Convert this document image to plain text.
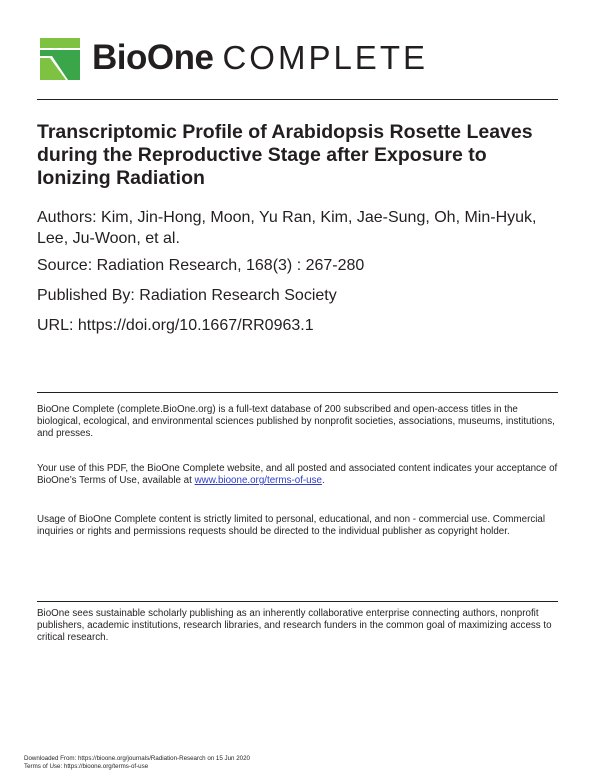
BioOne COMPLETE
Transcriptomic Profile of Arabidopsis Rosette Leaves during the Reproductive Stage after Exposure to Ionizing Radiation
Authors: Kim, Jin-Hong, Moon, Yu Ran, Kim, Jae-Sung, Oh, Min-Hyuk, Lee, Ju-Woon, et al.
Source: Radiation Research, 168(3) : 267-280
Published By: Radiation Research Society
URL: https://doi.org/10.1667/RR0963.1
BioOne Complete (complete.BioOne.org) is a full-text database of 200 subscribed and open-access titles in the biological, ecological, and environmental sciences published by nonprofit societies, associations, museums, institutions, and presses.
Your use of this PDF, the BioOne Complete website, and all posted and associated content indicates your acceptance of BioOne’s Terms of Use, available at www.bioone.org/terms-of-use.
Usage of BioOne Complete content is strictly limited to personal, educational, and non - commercial use. Commercial inquiries or rights and permissions requests should be directed to the individual publisher as copyright holder.
BioOne sees sustainable scholarly publishing as an inherently collaborative enterprise connecting authors, nonprofit publishers, academic institutions, research libraries, and research funders in the common goal of maximizing access to critical research.
Downloaded From: https://bioone.org/journals/Radiation-Research on 15 Jun 2020
Terms of Use: https://bioone.org/terms-of-use
